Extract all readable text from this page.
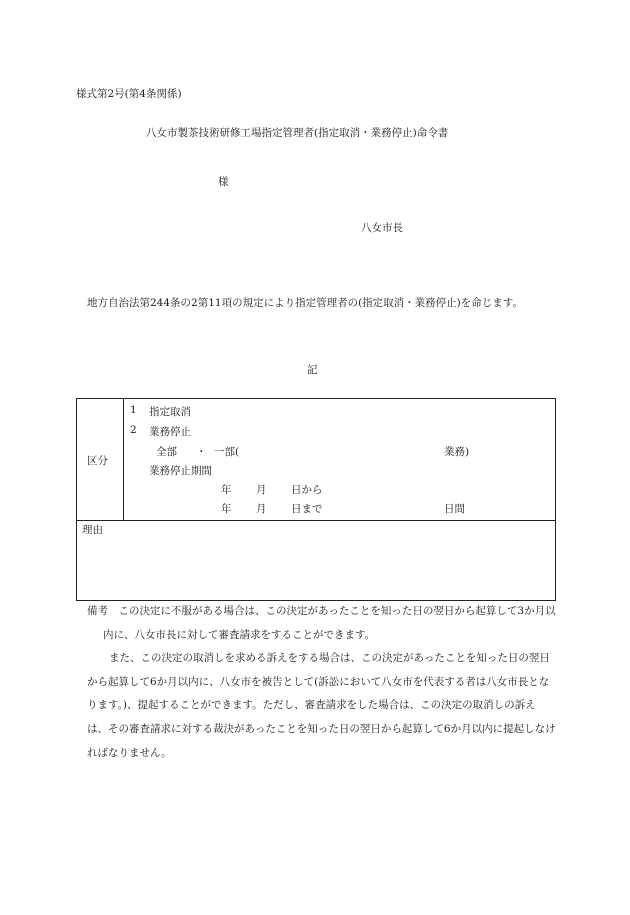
様式第2号(第4条関係)
八女市製茶技術研修工場指定管理者(指定取消・業務停止)命令書
様
八女市長
地方自治法第244条の2第11項の規定により指定管理者の(指定取消・業務停止)を命じます。
記
区分
1 指定取消
2 業務停止
全部 ・ 一部(	業務)
業務停止期間
年 月 日から
年 月 日まで	日間
理由

備考　この決定に不服がある場合は、この決定があったことを知った日の翌日から起算して3か月以内に、八女市長に対して審査請求をすることができます。

また、この決定の取消しを求める訴えをする場合は、この決定があったことを知った日の翌日から起算して6か月以内に、八女市を被告として(訴訟において八女市を代表する者は八女市長となります。)、提起することができます。ただし、審査請求をした場合は、この決定の取消しの訴えは、その審査請求に対する裁決があったことを知った日の翌日から起算して6か月以内に提起しなければなりません。
